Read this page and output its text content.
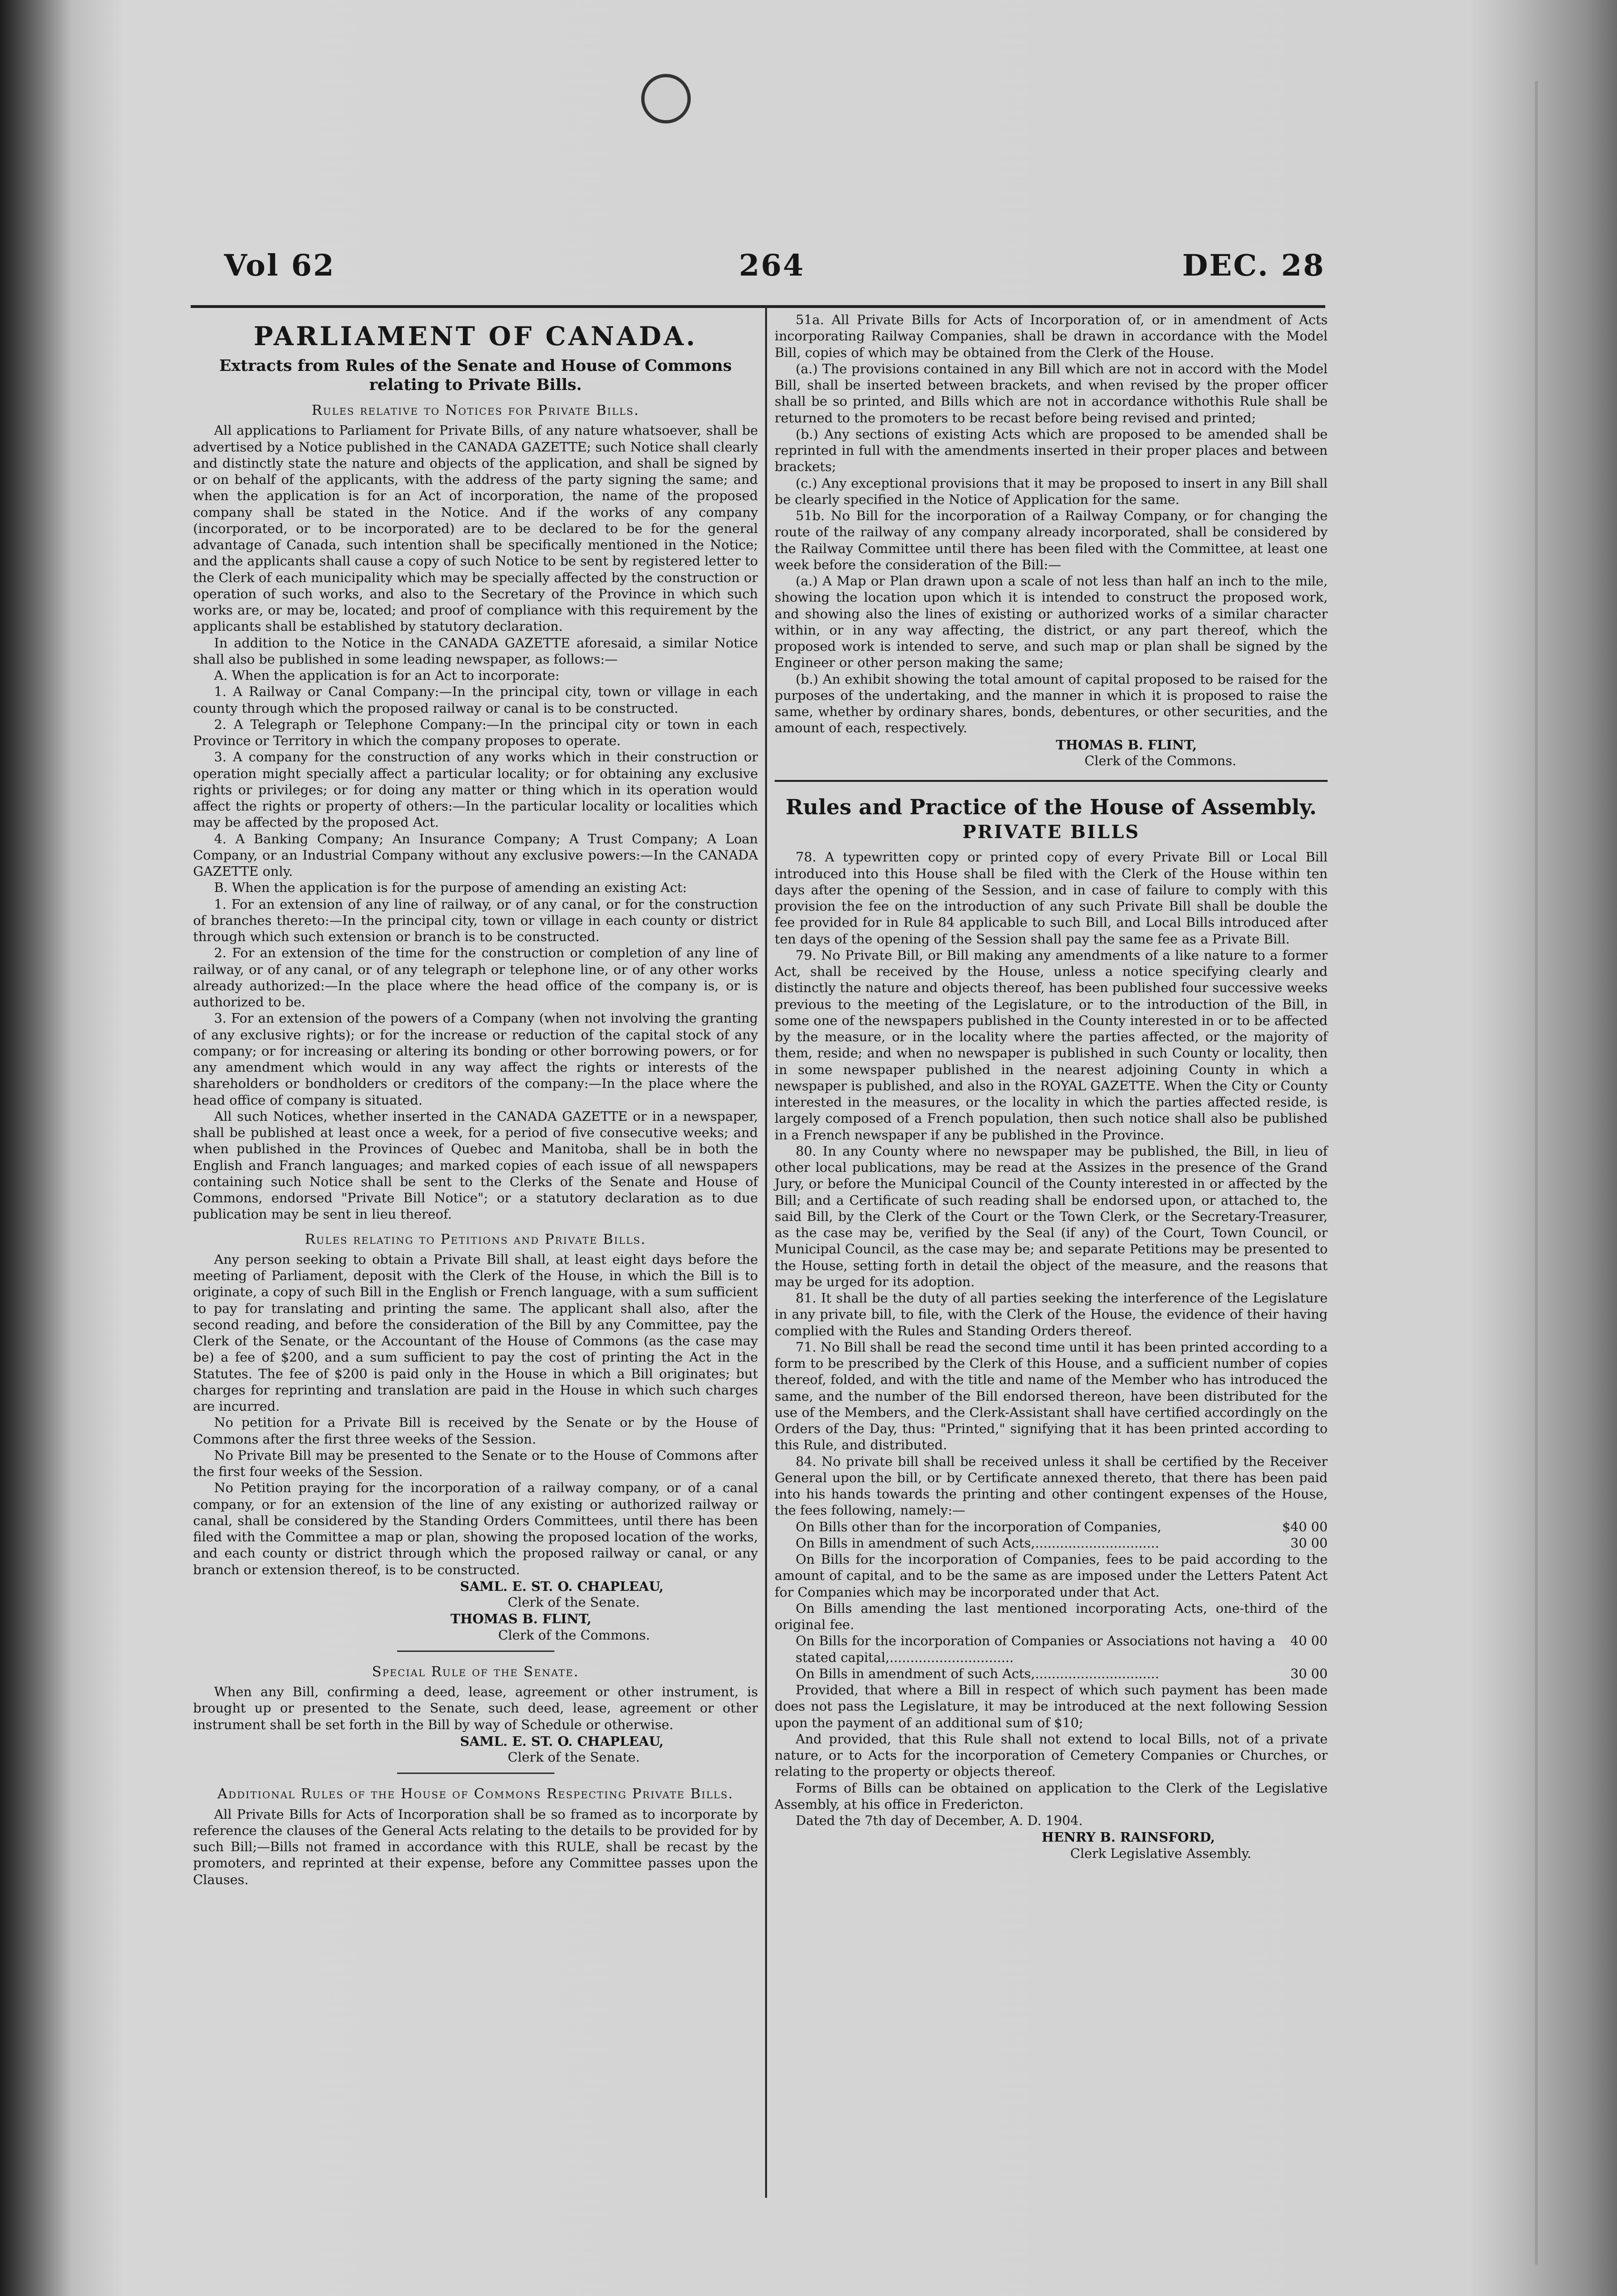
Vol 62	264	DEC. 28
PARLIAMENT OF CANADA.
Extracts from Rules of the Senate and House of Commons relating to Private Bills.
Rules relative to Notices for Private Bills.

All applications to Parliament for Private Bills, of any nature whatsoever, shall be advertised by a Notice published in the CANADA GAZETTE; such Notice shall clearly and distinctly state the nature and objects of the application, and shall be signed by or on behalf of the applicants, with the address of the party signing the same; and when the application is for an Act of incorporation, the name of the proposed company shall be stated in the Notice. And if the works of any company (incorporated, or to be incorporated) are to be declared to be for the general advantage of Canada, such intention shall be specifically mentioned in the Notice; and the applicants shall cause a copy of such Notice to be sent by registered letter to the Clerk of each municipality which may be specially affected by the construction or operation of such works, and also to the Secretary of the Province in which such works are, or may be, located; and proof of compliance with this requirement by the applicants shall be established by statutory declaration.

In addition to the Notice in the CANADA GAZETTE aforesaid, a similar Notice shall also be published in some leading newspaper, as follows:—

A. When the application is for an Act to incorporate:

1. A Railway or Canal Company:—In the principal city, town or village in each county through which the proposed railway or canal is to be constructed.

2. A Telegraph or Telephone Company:—In the principal city or town in each Province or Territory in which the company proposes to operate.

3. A company for the construction of any works which in their construction or operation might specially affect a particular locality; or for obtaining any exclusive rights or privileges; or for doing any matter or thing which in its operation would affect the rights or property of others:—In the particular locality or localities which may be affected by the proposed Act.

4. A Banking Company; An Insurance Company; A Trust Company; A Loan Company, or an Industrial Company without any exclusive powers:—In the CANADA GAZETTE only.

B. When the application is for the purpose of amending an existing Act:

1. For an extension of any line of railway, or of any canal, or for the construction of branches thereto:—In the principal city, town or village in each county or district through which such extension or branch is to be constructed.

2. For an extension of the time for the construction or completion of any line of railway, or of any canal, or of any telegraph or telephone line, or of any other works already authorized:—In the place where the head office of the company is, or is authorized to be.

3. For an extension of the powers of a Company (when not involving the granting of any exclusive rights); or for the increase or reduction of the capital stock of any company; or for increasing or altering its bonding or other borrowing powers, or for any amendment which would in any way affect the rights or interests of the shareholders or bondholders or creditors of the company:—In the place where the head office of company is situated.

All such Notices, whether inserted in the CANADA GAZETTE or in a newspaper, shall be published at least once a week, for a period of five consecutive weeks; and when published in the Provinces of Quebec and Manitoba, shall be in both the English and Franch languages; and marked copies of each issue of all newspapers containing such Notice shall be sent to the Clerks of the Senate and House of Commons, endorsed "Private Bill Notice"; or a statutory declaration as to due publication may be sent in lieu thereof.

Rules relating to Petitions and Private Bills.

Any person seeking to obtain a Private Bill shall, at least eight days before the meeting of Parliament, deposit with the Clerk of the House, in which the Bill is to originate, a copy of such Bill in the English or French language, with a sum sufficient to pay for translating and printing the same. The applicant shall also, after the second reading, and before the consideration of the Bill by any Committee, pay the Clerk of the Senate, or the Accountant of the House of Commons (as the case may be) a fee of $200, and a sum sufficient to pay the cost of printing the Act in the Statutes. The fee of $200 is paid only in the House in which a Bill originates; but charges for reprinting and translation are paid in the House in which such charges are incurred.

No petition for a Private Bill is received by the Senate or by the House of Commons after the first three weeks of the Session.

No Private Bill may be presented to the Senate or to the House of Commons after the first four weeks of the Session.

No Petition praying for the incorporation of a railway company, or of a canal company, or for an extension of the line of any existing or authorized railway or canal, shall be considered by the Standing Orders Committees, until there has been filed with the Committee a map or plan, showing the proposed location of the works, and each county or district through which the proposed railway or canal, or any branch or extension thereof, is to be constructed.

SAML. E. ST. O. CHAPLEAU,
Clerk of the Senate.
THOMAS B. FLINT,
Clerk of the Commons.
Special Rule of the Senate.

When any Bill, confirming a deed, lease, agreement or other instrument, is brought up or presented to the Senate, such deed, lease, agreement or other instrument shall be set forth in the Bill by way of Schedule or otherwise.

SAML. E. ST. O. CHAPLEAU,
Clerk of the Senate.
Additional Rules of the House of Commons Respecting Private Bills.

All Private Bills for Acts of Incorporation shall be so framed as to incorporate by reference the clauses of the General Acts relating to the details to be provided for by such Bill;—Bills not framed in accordance with this RULE, shall be recast by the promoters, and reprinted at their expense, before any Committee passes upon the Clauses.

51a. All Private Bills for Acts of Incorporation of, or in amendment of Acts incorporating Railway Companies, shall be drawn in accordance with the Model Bill, copies of which may be obtained from the Clerk of the House.

(a.) The provisions contained in any Bill which are not in accord with the Model Bill, shall be inserted between brackets, and when revised by the proper officer shall be so printed, and Bills which are not in accordance withothis Rule shall be returned to the promoters to be recast before being revised and printed;

(b.) Any sections of existing Acts which are proposed to be amended shall be reprinted in full with the amendments inserted in their proper places and between brackets;

(c.) Any exceptional provisions that it may be proposed to insert in any Bill shall be clearly specified in the Notice of Application for the same.

51b. No Bill for the incorporation of a Railway Company, or for changing the route of the railway of any company already incorporated, shall be considered by the Railway Committee until there has been filed with the Committee, at least one week before the consideration of the Bill:—

(a.) A Map or Plan drawn upon a scale of not less than half an inch to the mile, showing the location upon which it is intended to construct the proposed work, and showing also the lines of existing or authorized works of a similar character within, or in any way affecting, the district, or any part thereof, which the proposed work is intended to serve, and such map or plan shall be signed by the Engineer or other person making the same;

(b.) An exhibit showing the total amount of capital proposed to be raised for the purposes of the undertaking, and the manner in which it is proposed to raise the same, whether by ordinary shares, bonds, debentures, or other securities, and the amount of each, respectively.

THOMAS B. FLINT,
Clerk of the Commons.
Rules and Practice of the House of Assembly.
PRIVATE BILLS

78. A typewritten copy or printed copy of every Private Bill or Local Bill introduced into this House shall be filed with the Clerk of the House within ten days after the opening of the Session, and in case of failure to comply with this provision the fee on the introduction of any such Private Bill shall be double the fee provided for in Rule 84 applicable to such Bill, and Local Bills introduced after ten days of the opening of the Session shall pay the same fee as a Private Bill.

79. No Private Bill, or Bill making any amendments of a like nature to a former Act, shall be received by the House, unless a notice specifying clearly and distinctly the nature and objects thereof, has been published four successive weeks previous to the meeting of the Legislature, or to the introduction of the Bill, in some one of the newspapers published in the County interested in or to be affected by the measure, or in the locality where the parties affected, or the majority of them, reside; and when no newspaper is published in such County or locality, then in some newspaper published in the nearest adjoining County in which a newspaper is published, and also in the ROYAL GAZETTE. When the City or County interested in the measures, or the locality in which the parties affected reside, is largely composed of a French population, then such notice shall also be published in a French newspaper if any be published in the Province.

80. In any County where no newspaper may be published, the Bill, in lieu of other local publications, may be read at the Assizes in the presence of the Grand Jury, or before the Municipal Council of the County interested in or affected by the Bill; and a Certificate of such reading shall be endorsed upon, or attached to, the said Bill, by the Clerk of the Court or the Town Clerk, or the Secretary-Treasurer, as the case may be, verified by the Seal (if any) of the Court, Town Council, or Municipal Council, as the case may be; and separate Petitions may be presented to the House, setting forth in detail the object of the measure, and the reasons that may be urged for its adoption.

81. It shall be the duty of all parties seeking the interference of the Legislature in any private bill, to file, with the Clerk of the House, the evidence of their having complied with the Rules and Standing Orders thereof.

71. No Bill shall be read the second time until it has been printed according to a form to be prescribed by the Clerk of this House, and a sufficient number of copies thereof, folded, and with the title and name of the Member who has introduced the same, and the number of the Bill endorsed thereon, have been distributed for the use of the Members, and the Clerk-Assistant shall have certified accordingly on the Orders of the Day, thus: "Printed," signifying that it has been printed according to this Rule, and distributed.

84. No private bill shall be received unless it shall be certified by the Receiver General upon the bill, or by Certificate annexed thereto, that there has been paid into his hands towards the printing and other contingent expenses of the House, the fees following, namely:—

On Bills other than for the incorporation of Companies,	$40 00
On Bills in amendment of such Acts,..............................	30 00

On Bills for the incorporation of Companies, fees to be paid according to the amount of capital, and to be the same as are imposed under the Letters Patent Act for Companies which may be incorporated under that Act.

On Bills amending the last mentioned incorporating Acts, one-third of the original fee.

On Bills for the incorporation of Companies or Associations not having a stated capital,..............................
40 00
On Bills in amendment of such Acts,..............................	30 00

Provided, that where a Bill in respect of which such payment has been made does not pass the Legislature, it may be introduced at the next following Session upon the payment of an additional sum of $10;

And provided, that this Rule shall not extend to local Bills, not of a private nature, or to Acts for the incorporation of Cemetery Companies or Churches, or relating to the property or objects thereof.

Forms of Bills can be obtained on application to the Clerk of the Legislative Assembly, at his office in Fredericton.

Dated the 7th day of December, A. D. 1904.

HENRY B. RAINSFORD,
Clerk Legislative Assembly.
